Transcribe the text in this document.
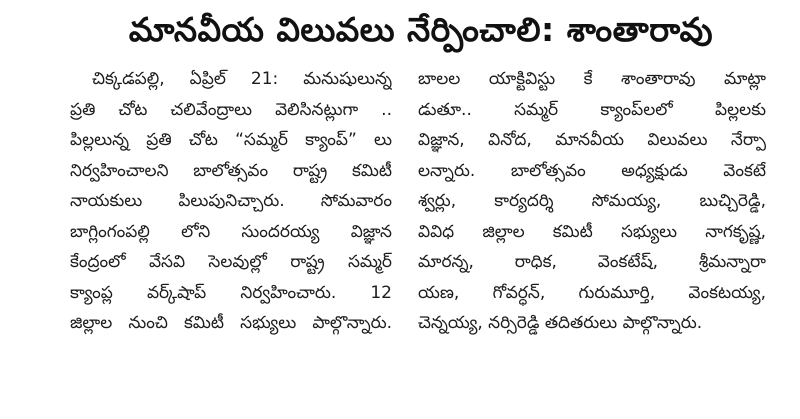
మానవీయ విలువలు నేర్పించాలి: శాంతారావు
చిక్కడపల్లి, ఏప్రిల్ 21: మనుషులున్న
ప్రతి చోట చలివేంద్రాలు వెలిసినట్లుగా ..
పిల్లలున్న ప్రతి చోట “సమ్మర్ క్యాంప్” లు
నిర్వహించాలని బాలోత్సవం రాష్ట్ర కమిటీ
నాయకులు పిలుపునిచ్చారు. సోమవారం
బాగ్లింగంపల్లి లోని సుందరయ్య విజ్ఞాన
కేంద్రంలో వేసవి సెలవుల్లో రాష్ట్ర సమ్మర్
క్యాంప్ల వర్క్‌షాప్ నిర్వహించారు. 12
జిల్లాల నుంచి కమిటీ సభ్యులు పాల్గొన్నారు.
బాలల యాక్టివిస్టు కే శాంతారావు మాట్లా
డుతూ.. సమ్మర్ క్యాంప్‌లలో పిల్లలకు
విజ్ఞాన, వినోద, మానవీయ విలువలు నేర్పా
లన్నారు. బాలోత్సవం అధ్యక్షుడు వెంకటే
శ్వర్లు, కార్యదర్శి సోమయ్య, బుచ్చిరెడ్డి,
వివిధ జిల్లాల కమిటీ సభ్యులు నాగకృష్ణ,
మారన్న, రాధిక, వెంకటేష్, శ్రీమన్నారా
యణ, గోవర్ధన్, గురుమూర్తి, వెంకటయ్య,
చెన్నయ్య, నర్సిరెడ్డి తదితరులు పాల్గొన్నారు.
